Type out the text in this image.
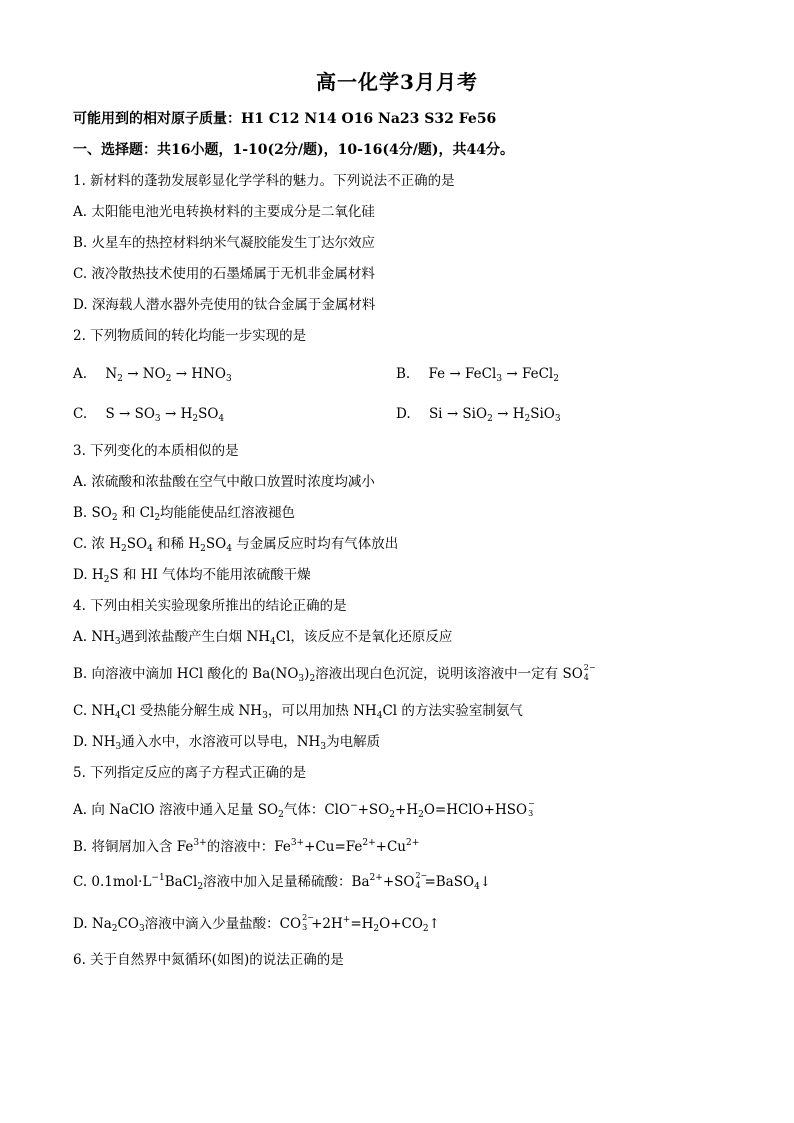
高一化学3月月考
可能用到的相对原子质量：H1 C12 N14 O16 Na23 S32 Fe56
一、选择题：共16小题，1-10(2分/题)，10-16(4分/题)，共44分。
1. 新材料的蓬勃发展彰显化学学科的魅力。下列说法不正确的是
A. 太阳能电池光电转换材料的主要成分是二氧化硅
B. 火星车的热控材料纳米气凝胶能发生丁达尔效应
C. 液冷散热技术使用的石墨烯属于无机非金属材料
D. 深海载人潜水器外壳使用的钛合金属于金属材料
2. 下列物质间的转化均能一步实现的是
A. $N_2 \to NO_2 \to HNO_3$	B. Fe → FeCl$_3$ → FeCl$_2$
C. $S \to SO_3 \to H_2SO_4$	D. $Si \to SiO_2 \to H_2SiO_3$
3. 下列变化的本质相似的是
A. 浓硫酸和浓盐酸在空气中敞口放置时浓度均减小
B. $SO_2$ 和 $Cl_2$均能能使品红溶液褪色
C. 浓 $H_2SO_4$ 和稀 $H_2SO_4$ 与金属反应时均有气体放出
D. $H_2S$ 和 HI 气体均不能用浓硫酸干燥
4. 下列由相关实验现象所推出的结论正确的是
A. $NH_3$遇到浓盐酸产生白烟 $NH_4Cl$，该反应不是氧化还原反应
B. 向溶液中滴加 HCl 酸化的 $Ba(NO_3)_2$溶液出现白色沉淀，说明该溶液中一定有 SO 2−
4
C. $NH_4Cl$ 受热能分解生成 $NH_3$，可以用加热 $NH_4Cl$ 的方法实验室制氨气
D. $NH_3$通入水中，水溶液可以导电，$NH_3$为电解质
5. 下列指定反应的离子方程式正确的是
A. 向 NaClO 溶液中通入足量 $SO_2$气体：$ClO^-+SO_2+H_2O=HClO+HSO$ −
3
B. 将铜屑加入含 $Fe^{3+}$的溶液中：$Fe^{3+}+Cu=Fe^{2+}+Cu^{2+}$
C. $0.1mol\cdot L^{-1}BaCl_2$溶液中加入足量稀硫酸：$Ba^{2+}+SO$ 2−
4 =BaSO$_4$↓
D. $Na_2CO_3$溶液中滴入少量盐酸：CO 2−
$3 +2H^+=H_2O+CO_2↑$
6. 关于自然界中氮循环(如图)的说法正确的是
